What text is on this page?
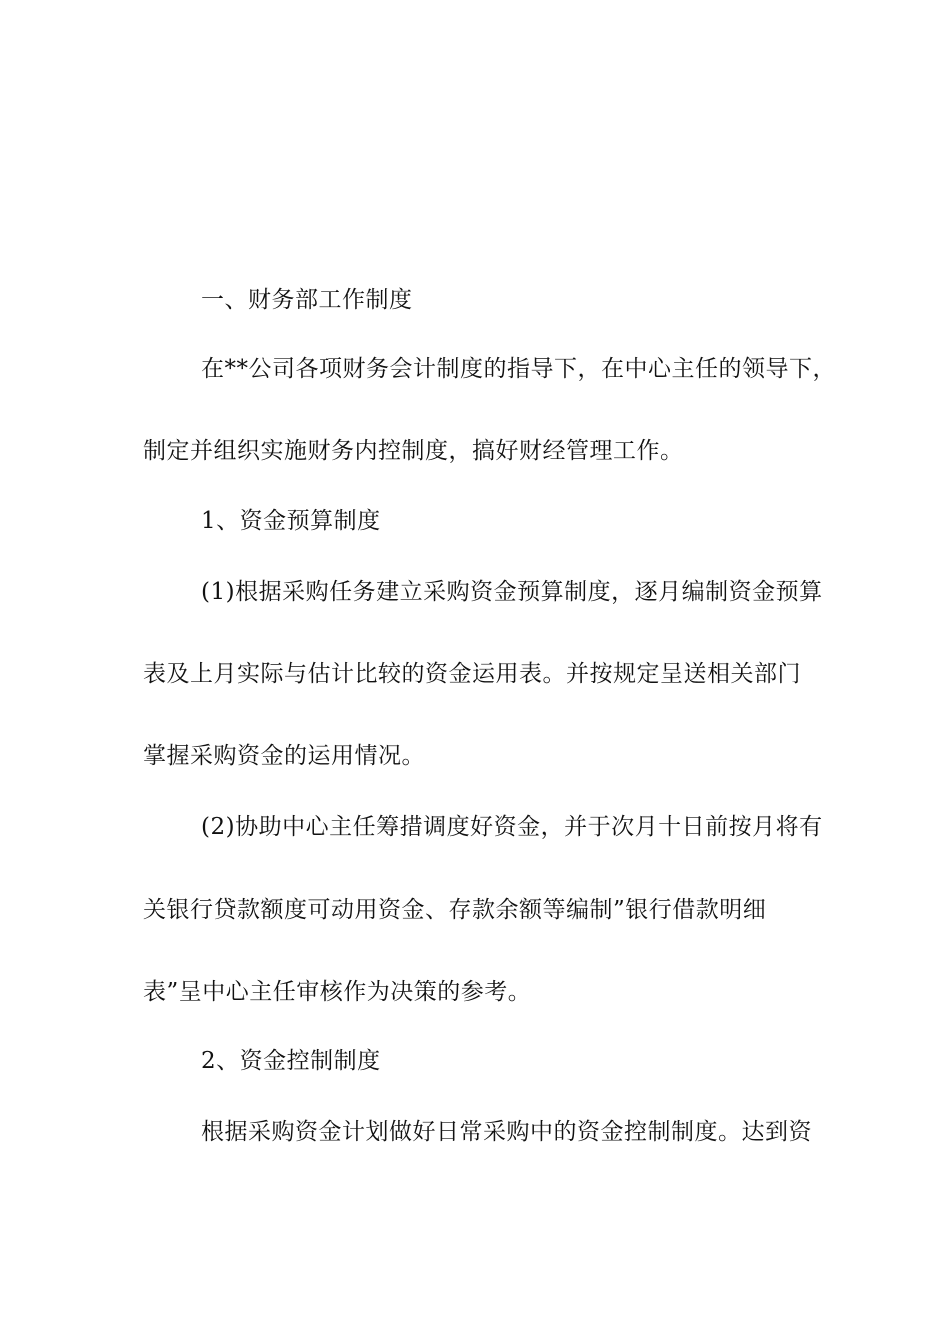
一、财务部工作制度
在**公司各项财务会计制度的指导下，在中心主任的领导下，
制定并组织实施财务内控制度，搞好财经管理工作。
1、资金预算制度
(1)根据采购任务建立采购资金预算制度，逐月编制资金预算
表及上月实际与估计比较的资金运用表。并按规定呈送相关部门
掌握采购资金的运用情况。
(2)协助中心主任筹措调度好资金，并于次月十日前按月将有
关银行贷款额度可动用资金、存款余额等编制”银行借款明细
表”呈中心主任审核作为决策的参考。
2、资金控制制度
根据采购资金计划做好日常采购中的资金控制制度。达到资
